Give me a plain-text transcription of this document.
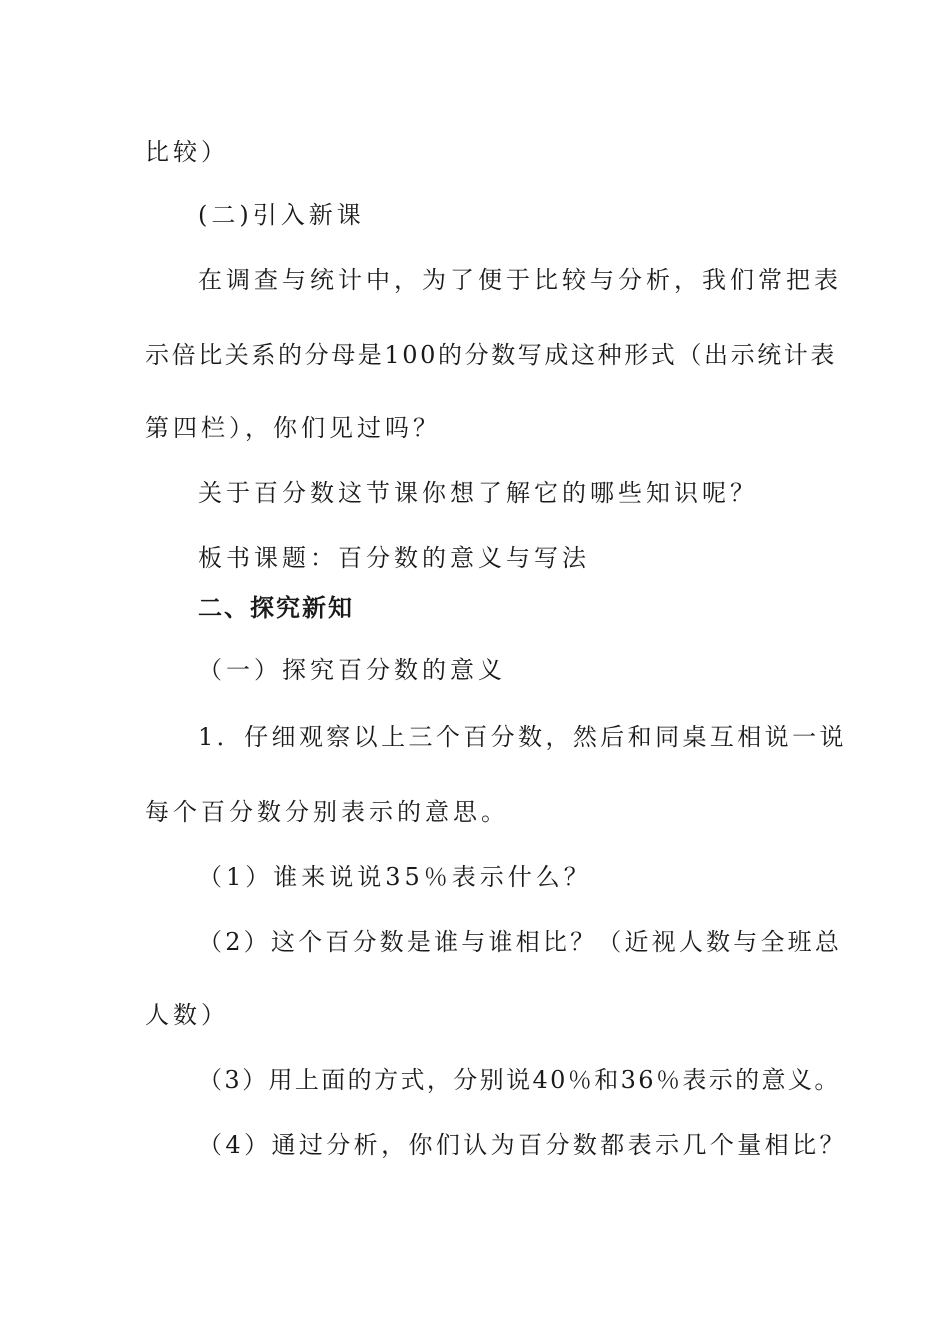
比较）

(二)引入新课

在调查与统计中，为了便于比较与分析，我们常把表

示倍比关系的分母是100的分数写成这种形式（出示统计表

第四栏），你们见过吗？

关于百分数这节课你想了解它的哪些知识呢？

板书课题：百分数的意义与写法

二、探究新知

（一）探究百分数的意义

1．仔细观察以上三个百分数，然后和同桌互相说一说

每个百分数分别表示的意思。

（1）谁来说说35％表示什么？

（2）这个百分数是谁与谁相比？（近视人数与全班总

人数）

（3）用上面的方式，分别说40％和36％表示的意义。

（4）通过分析，你们认为百分数都表示几个量相比？
